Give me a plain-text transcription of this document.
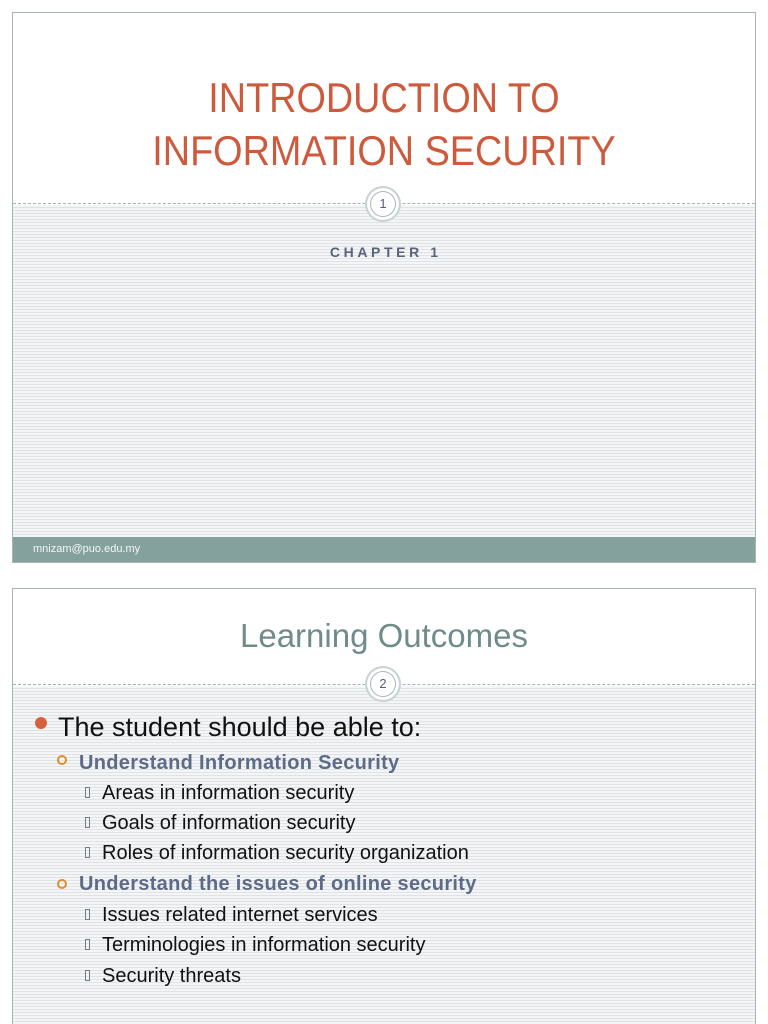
INTRODUCTION TO
INFORMATION SECURITY
1
CHAPTER 1
mnizam@puo.edu.my
Learning Outcomes
2
The student should be able to:
Understand Information Security
Areas in information security
Goals of information security
Roles of information security organization
Understand the issues of online security
Issues related internet services
Terminologies in information security
Security threats
